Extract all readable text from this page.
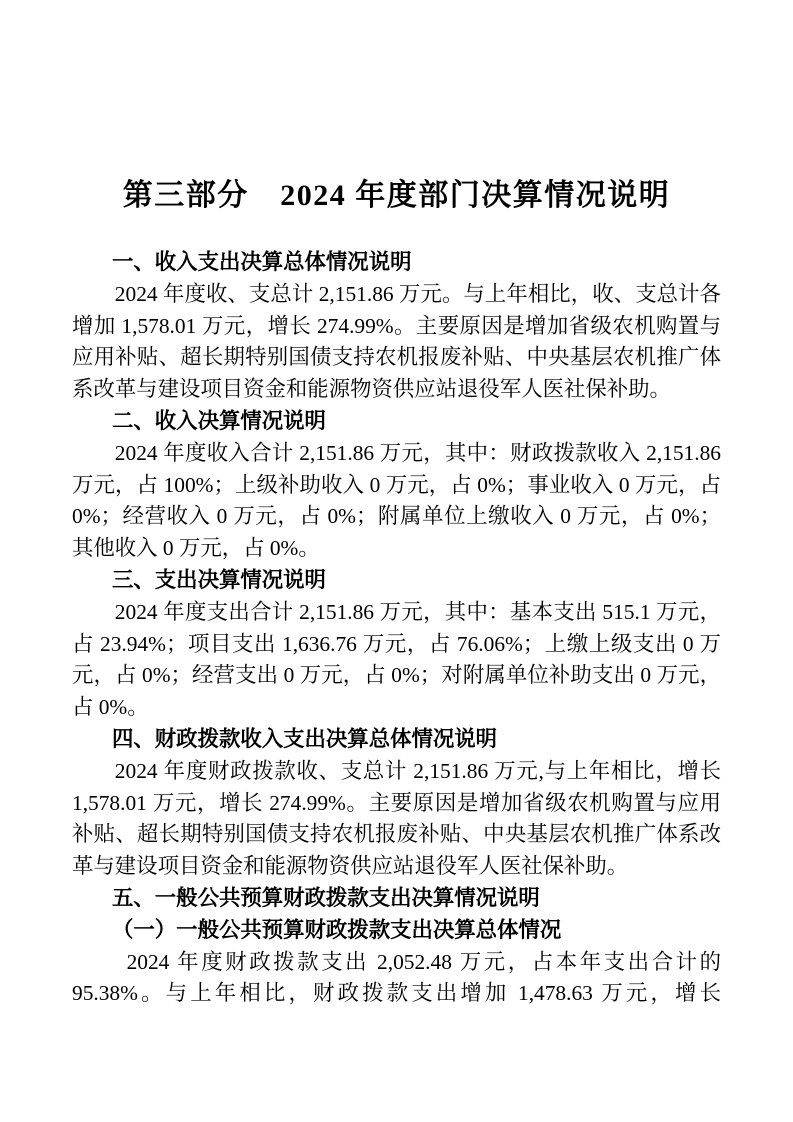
第三部分　2024 年度部门决算情况说明
一、收入支出决算总体情况说明

2024 年度收、支总计 2,151.86 万元。与上年相比，收、支总计各增加 1,578.01 万元，增长 274.99%。主要原因是增加省级农机购置与应用补贴、超长期特别国债支持农机报废补贴、中央基层农机推广体系改革与建设项目资金和能源物资供应站退役军人医社保补助。

二、收入决算情况说明

2024 年度收入合计 2,151.86 万元，其中：财政拨款收入 2,151.86 万元，占 100%；上级补助收入 0 万元，占 0%；事业收入 0 万元，占 0%；经营收入 0 万元，占 0%；附属单位上缴收入 0 万元，占 0%；其他收入 0 万元，占 0%。

三、支出决算情况说明

2024 年度支出合计 2,151.86 万元，其中：基本支出 515.1 万元，占 23.94%；项目支出 1,636.76 万元，占 76.06%；上缴上级支出 0 万元，占 0%；经营支出 0 万元，占 0%；对附属单位补助支出 0 万元，占 0%。

四、财政拨款收入支出决算总体情况说明

2024 年度财政拨款收、支总计 2,151.86 万元,与上年相比，增长 1,578.01 万元，增长 274.99%。主要原因是增加省级农机购置与应用补贴、超长期特别国债支持农机报废补贴、中央基层农机推广体系改革与建设项目资金和能源物资供应站退役军人医社保补助。

五、一般公共预算财政拨款支出决算情况说明
（一）一般公共预算财政拨款支出决算总体情况

2024 年度财政拨款支出 2,052.48 万元，占本年支出合计的 95.38%。与上年相比，财政拨款支出增加 1,478.63 万元，增长
